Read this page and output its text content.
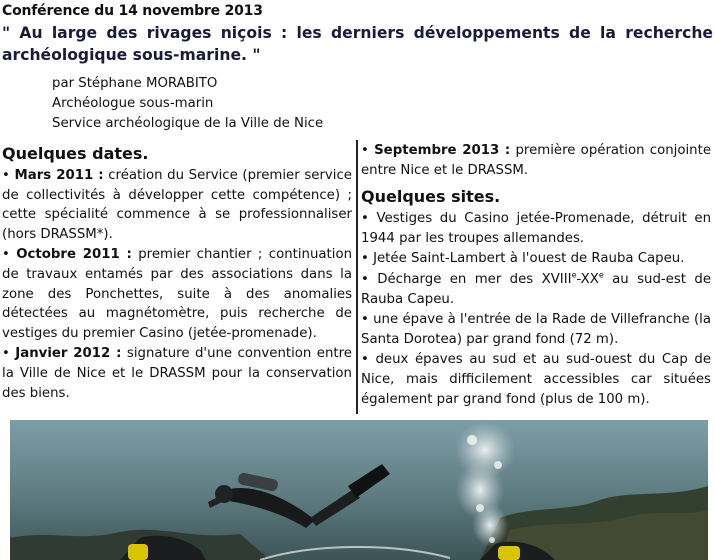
Conférence du 14 novembre 2013
" Au large des rivages niçois : les derniers développements de la recherche archéologique sous-marine. "
par Stéphane MORABITO
Archéologue sous-marin
Service archéologique de la Ville de Nice
Quelques dates.
• Mars 2011 : création du Service (premier service de collectivités à développer cette compétence) ; cette spécialité commence à se professionnaliser (hors DRASSM*).
• Octobre 2011 : premier chantier ; continuation de travaux entamés par des associations dans la zone des Ponchettes, suite à des anomalies détectées au magnétomètre, puis recherche de vestiges du premier Casino (jetée-promenade).
• Janvier 2012 : signature d'une convention entre la Ville de Nice et le DRASSM pour la conservation des biens.
• Septembre 2013 : première opération conjointe entre Nice et le DRASSM.
Quelques sites.
• Vestiges du Casino jetée-Promenade, détruit en 1944 par les troupes allemandes.
• Jetée Saint-Lambert à l'ouest de Rauba Capeu.
• Décharge en mer des XVIIIe-XXe au sud-est de Rauba Capeu.
• une épave à l'entrée de la Rade de Villefranche (la Santa Dorotea) par grand fond (72 m).
• deux épaves au sud et au sud-ouest du Cap de Nice, mais difficilement accessibles car situées également par grand fond (plus de 100 m).
